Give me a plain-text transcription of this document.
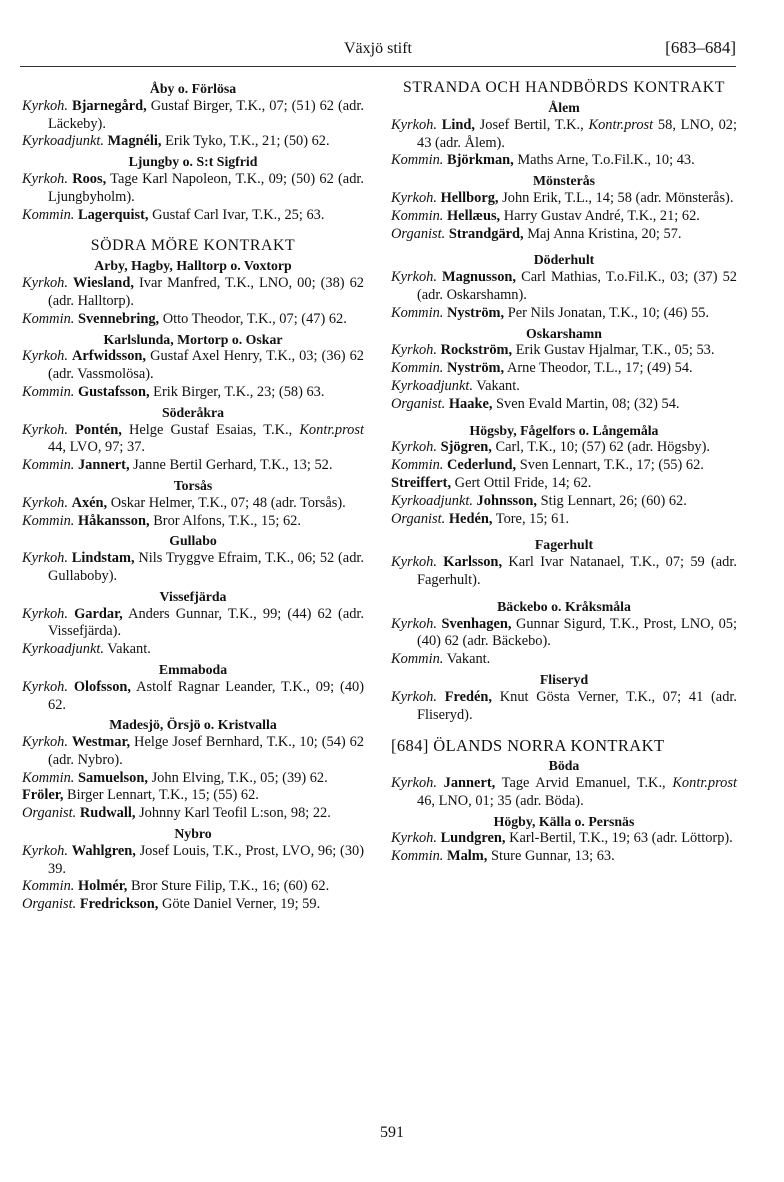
Växjö stift	[683–684]
Åby o. Förlösa
Kyrkoh. Bjarnegård, Gustaf Birger, T.K., 07; (51) 62 (adr. Läckeby).
Kyrkoadjunkt. Magnéli, Erik Tyko, T.K., 21; (50) 62.
Ljungby o. S:t Sigfrid
Kyrkoh. Roos, Tage Karl Napoleon, T.K., 09; (50) 62 (adr. Ljungbyholm).
Kommin. Lagerquist, Gustaf Carl Ivar, T.K., 25; 63.
SÖDRA MÖRE KONTRAKT
Arby, Hagby, Halltorp o. Voxtorp
Kyrkoh. Wiesland, Ivar Manfred, T.K., LNO, 00; (38) 62 (adr. Halltorp).
Kommin. Svennebring, Otto Theodor, T.K., 07; (47) 62.
Karlslunda, Mortorp o. Oskar
Kyrkoh. Arfwidsson, Gustaf Axel Henry, T.K., 03; (36) 62 (adr. Vassmolösa).
Kommin. Gustafsson, Erik Birger, T.K., 23; (58) 63.
Söderåkra
Kyrkoh. Pontén, Helge Gustaf Esaias, T.K., Kontr.prost 44, LVO, 97; 37.
Kommin. Jannert, Janne Bertil Gerhard, T.K., 13; 52.
Torsås
Kyrkoh. Axén, Oskar Helmer, T.K., 07; 48 (adr. Torsås).
Kommin. Håkansson, Bror Alfons, T.K., 15; 62.
Gullabo
Kyrkoh. Lindstam, Nils Tryggve Efraim, T.K., 06; 52 (adr. Gullaboby).
Vissefjärda
Kyrkoh. Gardar, Anders Gunnar, T.K., 99; (44) 62 (adr. Vissefjärda).
Kyrkoadjunkt. Vakant.
Emmaboda
Kyrkoh. Olofsson, Astolf Ragnar Leander, T.K., 09; (40) 62.
Madesjö, Örsjö o. Kristvalla
Kyrkoh. Westmar, Helge Josef Bernhard, T.K., 10; (54) 62 (adr. Nybro).
Kommin. Samuelson, John Elving, T.K., 05; (39) 62.
Fröler, Birger Lennart, T.K., 15; (55) 62.
Organist. Rudwall, Johnny Karl Teofil L:son, 98; 22.
Nybro
Kyrkoh. Wahlgren, Josef Louis, T.K., Prost, LVO, 96; (30) 39.
Kommin. Holmér, Bror Sture Filip, T.K., 16; (60) 62.
Organist. Fredrickson, Göte Daniel Verner, 19; 59.
STRANDA OCH HANDBÖRDS KONTRAKT
Ålem
Kyrkoh. Lind, Josef Bertil, T.K., Kontr.prost 58, LNO, 02; 43 (adr. Ålem).
Kommin. Björkman, Maths Arne, T.o.Fil.K., 10; 43.
Mönsterås
Kyrkoh. Hellborg, John Erik, T.L., 14; 58 (adr. Mönsterås).
Kommin. Hellæus, Harry Gustav André, T.K., 21; 62.
Organist. Strandgärd, Maj Anna Kristina, 20; 57.
Döderhult
Kyrkoh. Magnusson, Carl Mathias, T.o.Fil.K., 03; (37) 52 (adr. Oskarshamn).
Kommin. Nyström, Per Nils Jonatan, T.K., 10; (46) 55.
Oskarshamn
Kyrkoh. Rockström, Erik Gustav Hjalmar, T.K., 05; 53.
Kommin. Nyström, Arne Theodor, T.L., 17; (49) 54.
Kyrkoadjunkt. Vakant.
Organist. Haake, Sven Evald Martin, 08; (32) 54.
Högsby, Fågelfors o. Långemåla
Kyrkoh. Sjögren, Carl, T.K., 10; (57) 62 (adr. Högsby).
Kommin. Cederlund, Sven Lennart, T.K., 17; (55) 62.
Streiffert, Gert Ottil Fride, 14; 62.
Kyrkoadjunkt. Johnsson, Stig Lennart, 26; (60) 62.
Organist. Hedén, Tore, 15; 61.
Fagerhult
Kyrkoh. Karlsson, Karl Ivar Natanael, T.K., 07; 59 (adr. Fagerhult).
Bäckebo o. Kråksmåla
Kyrkoh. Svenhagen, Gunnar Sigurd, T.K., Prost, LNO, 05; (40) 62 (adr. Bäckebo).
Kommin. Vakant.
Fliseryd
Kyrkoh. Fredén, Knut Gösta Verner, T.K., 07; 41 (adr. Fliseryd).
[684] ÖLANDS NORRA KONTRAKT
Böda
Kyrkoh. Jannert, Tage Arvid Emanuel, T.K., Kontr.prost 46, LNO, 01; 35 (adr. Böda).
Högby, Källa o. Persnäs
Kyrkoh. Lundgren, Karl-Bertil, T.K., 19; 63 (adr. Löttorp).
Kommin. Malm, Sture Gunnar, 13; 63.
591
